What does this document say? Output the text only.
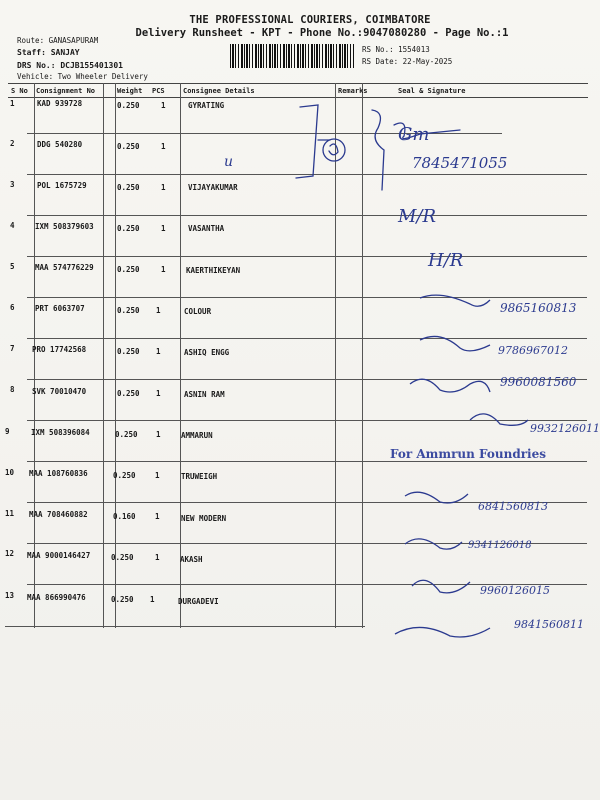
THE PROFESSIONAL COURIERS, COIMBATORE
Delivery Runsheet - KPT - Phone No.:9047080280 - Page No.:1
Route: GANASAPURAM
Staff: SANJAY
DRS No.: DCJB155401301
Vehicle: Two Wheeler Delivery
RS No.: 1554013
RS Date: 22-May-2025
S No Consignment No	Weight PCS	Consignee Details	Remarks	Seal & Signature
1	KAD 939728	0.250	1	GYRATING
2	DDG 540280	0.250	1
3	POL 1675729	0.250	1	VIJAYAKUMAR
4	IXM 508379603	0.250	1	VASANTHA
5	MAA 574776229	0.250	1	KAERTHIKEYAN
6	PRT 6063707	0.250 1	COLOUR
7 PRO 17742568	0.250 1	ASHIQ ENGG
8 SVK 70010470	0.250 1	ASNIN RAM
9	IXM 508396084	0.250 1	AMMARUN
10 MAA 108760836	0.250	1	TRUWEIGH
11 MAA 708460882	0.160	1	NEW MODERN
12 MAA 9000146427	0.250	1	AKASH
13 MAA 866990476	0.250 1	DURGADEVI
u
Gm
7845471055
M/R
H/R
9865160813
9786967012
9960081560
9932126011
For Ammrun Foundries
6841560813
9341126018
9960126015
9841560811
